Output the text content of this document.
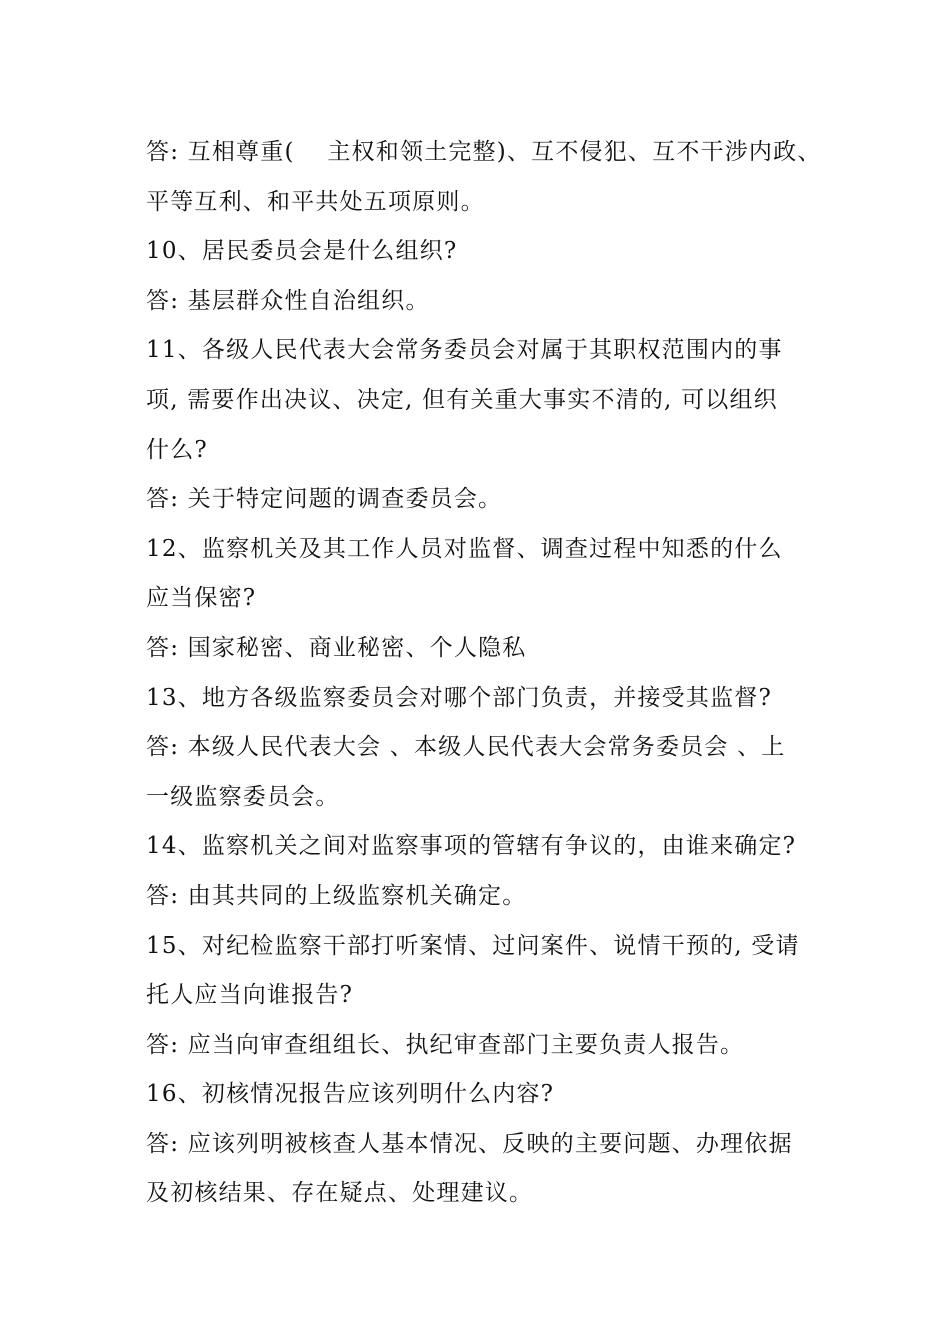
答: 互相尊重(　 主权和领土完整)、互不侵犯、互不干涉内政、
平等互利、和平共处五项原则。
10、居民委员会是什么组织?
答: 基层群众性自治组织。
11、各级人民代表大会常务委员会对属于其职权范围内的事
项, 需要作出决议、决定, 但有关重大事实不清的, 可以组织
什么?
答: 关于特定问题的调查委员会。
12、监察机关及其工作人员对监督、调查过程中知悉的什么
应当保密?
答: 国家秘密、商业秘密、个人隐私
13、地方各级监察委员会对哪个部门负责，并接受其监督?
答: 本级人民代表大会 、本级人民代表大会常务委员会 、上
一级监察委员会。
14、监察机关之间对监察事项的管辖有争议的，由谁来确定?
答: 由其共同的上级监察机关确定。
15、对纪检监察干部打听案情、过问案件、说情干预的, 受请
托人应当向谁报告?
答: 应当向审查组组长、执纪审查部门主要负责人报告。
16、初核情况报告应该列明什么内容?
答: 应该列明被核查人基本情况、反映的主要问题、办理依据
及初核结果、存在疑点、处理建议。
